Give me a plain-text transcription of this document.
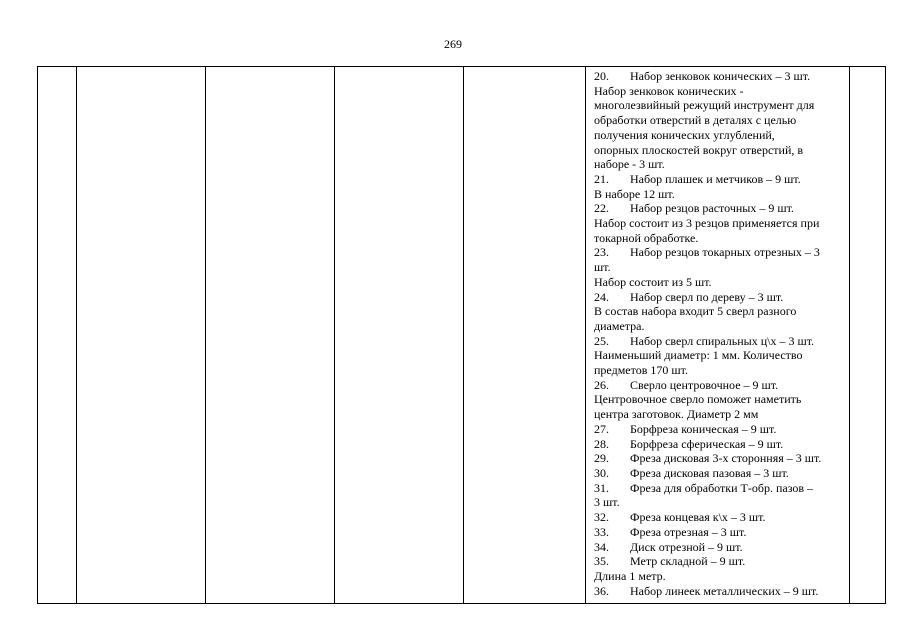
269

20. Набор зенковок конических – 3 шт.
Набор зенковок конических -
многолезвийный режущий инструмент для
обработки отверстий в деталях с целью
получения конических углублений,
опорных плоскостей вокруг отверстий, в
наборе - 3 шт.
21. Набор плашек и метчиков – 9 шт.
В наборе 12 шт.
22. Набор резцов расточных – 9 шт.
Набор состоит из 3 резцов применяется при
токарной обработке.
23. Набор резцов токарных отрезных – 3
шт.
Набор состоит из 5 шт.
24. Набор сверл по дереву – 3 шт.
В состав набора входит 5 сверл разного
диаметра.
25. Набор сверл спиральных ц\х – 3 шт.
Наименьший диаметр: 1 мм. Количество
предметов 170 шт.
26. Сверло центровочное – 9 шт.
Центровочное сверло поможет наметить
центра заготовок. Диаметр 2 мм
27. Борфреза коническая – 9 шт.
28. Борфреза сферическая – 9 шт.
29. Фреза дисковая 3-х сторонняя – 3 шт.
30. Фреза дисковая пазовая – 3 шт.
31. Фреза для обработки Т-обр. пазов –
3 шт.
32. Фреза концевая к\х – 3 шт.
33. Фреза отрезная – 3 шт.
34. Диск отрезной – 9 шт.
35. Метр складной – 9 шт.
Длина 1 метр.
36. Набор линеек металлических – 9 шт.
